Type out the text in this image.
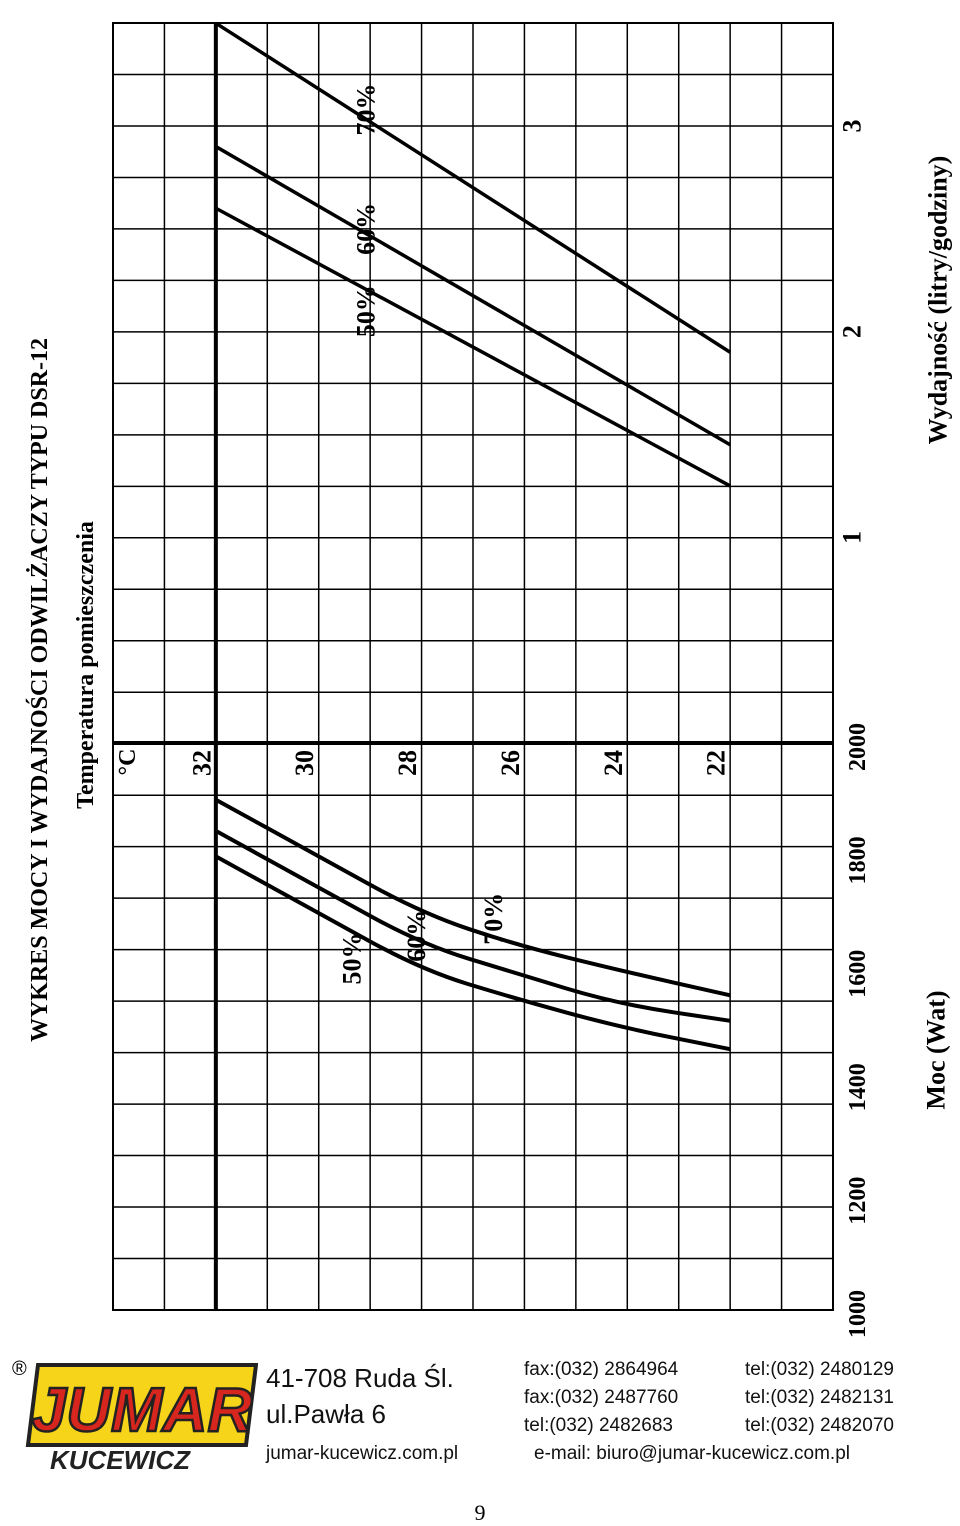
WYKRES MOCY I WYDAJNOŚCI ODWILŻACZY TYPU DSR-12 Temperatura pomieszczenia °C 32	30	28	26	24	22
1000
1200
1400
1600
1800
2000
Moc (Wat)
1
2
3
Wydajność (litry/godziny)
50% 60% 70%
50%
60%
70%
®
JUMAR
KUCEWICZ
41-708 Ruda Śl.
ul.Pawła 6
jumar-kucewicz.com.pl
fax:(032) 2864964
fax:(032) 2487760
tel:(032) 2482683
e-mail: biuro@jumar-kucewicz.com.pl
tel:(032) 2480129
tel:(032) 2482131
tel:(032) 2482070
9
